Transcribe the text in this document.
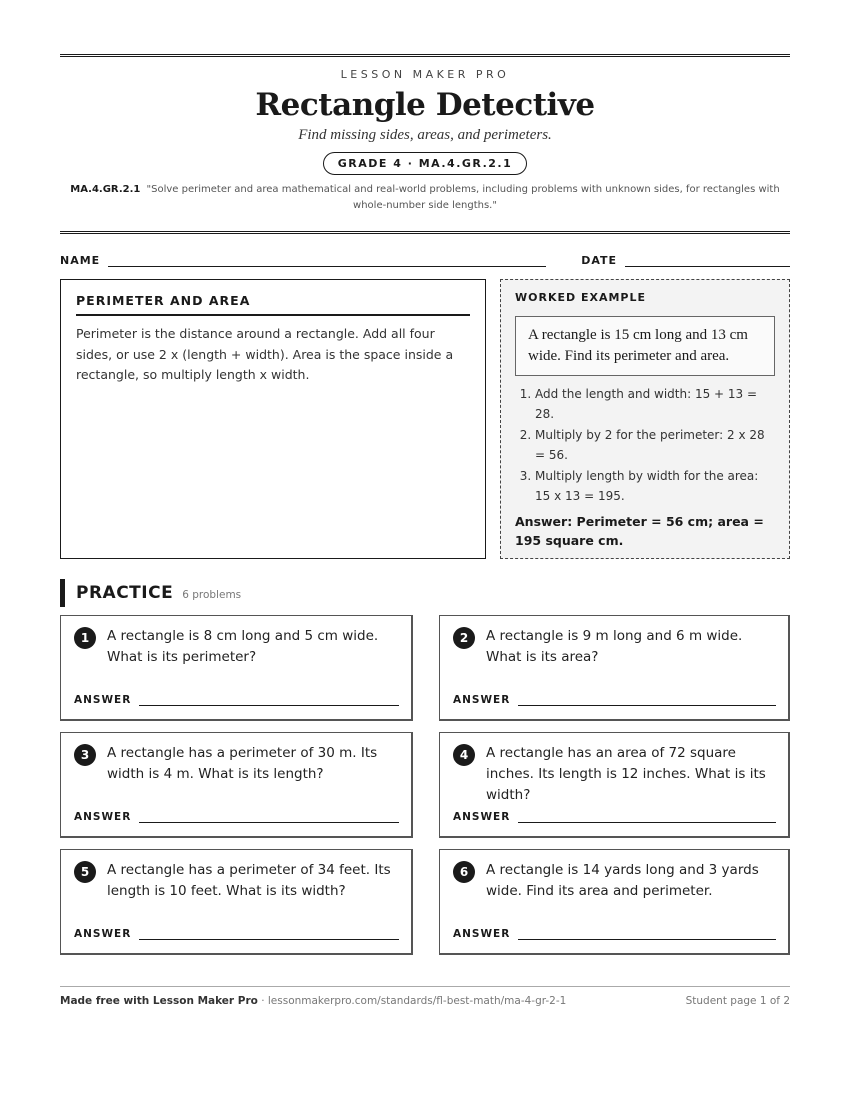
LESSON MAKER PRO
Rectangle Detective
Find missing sides, areas, and perimeters.
GRADE 4 · MA.4.GR.2.1
MA.4.GR.2.1 "Solve perimeter and area mathematical and real-world problems, including problems with unknown sides, for rectangles with whole-number side lengths."
NAME	DATE
PERIMETER AND AREA
Perimeter is the distance around a rectangle. Add all four sides, or use 2 x (length + width). Area is the space inside a rectangle, so multiply length x width.
WORKED EXAMPLE
A rectangle is 15 cm long and 13 cm wide. Find its perimeter and area.
1. Add the length and width: 15 + 13 = 28.
2. Multiply by 2 for the perimeter: 2 x 28 = 56.
3. Multiply length by width for the area: 15 x 13 = 195.
Answer: Perimeter = 56 cm; area = 195 square cm.
PRACTICE 6 problems
1	A rectangle is 8 cm long and 5 cm wide. What is its perimeter?
ANSWER
2	A rectangle is 9 m long and 6 m wide. What is its area?
ANSWER
3	A rectangle has a perimeter of 30 m. Its width is 4 m. What is its length?
ANSWER
4	A rectangle has an area of 72 square inches. Its length is 12 inches. What is its width?
ANSWER
5	A rectangle has a perimeter of 34 feet. Its length is 10 feet. What is its width?
ANSWER
6	A rectangle is 14 yards long and 3 yards wide. Find its area and perimeter.
ANSWER
Made free with Lesson Maker Pro · lessonmakerpro.com/standards/fl-best-math/ma-4-gr-2-1	Student page 1 of 2
